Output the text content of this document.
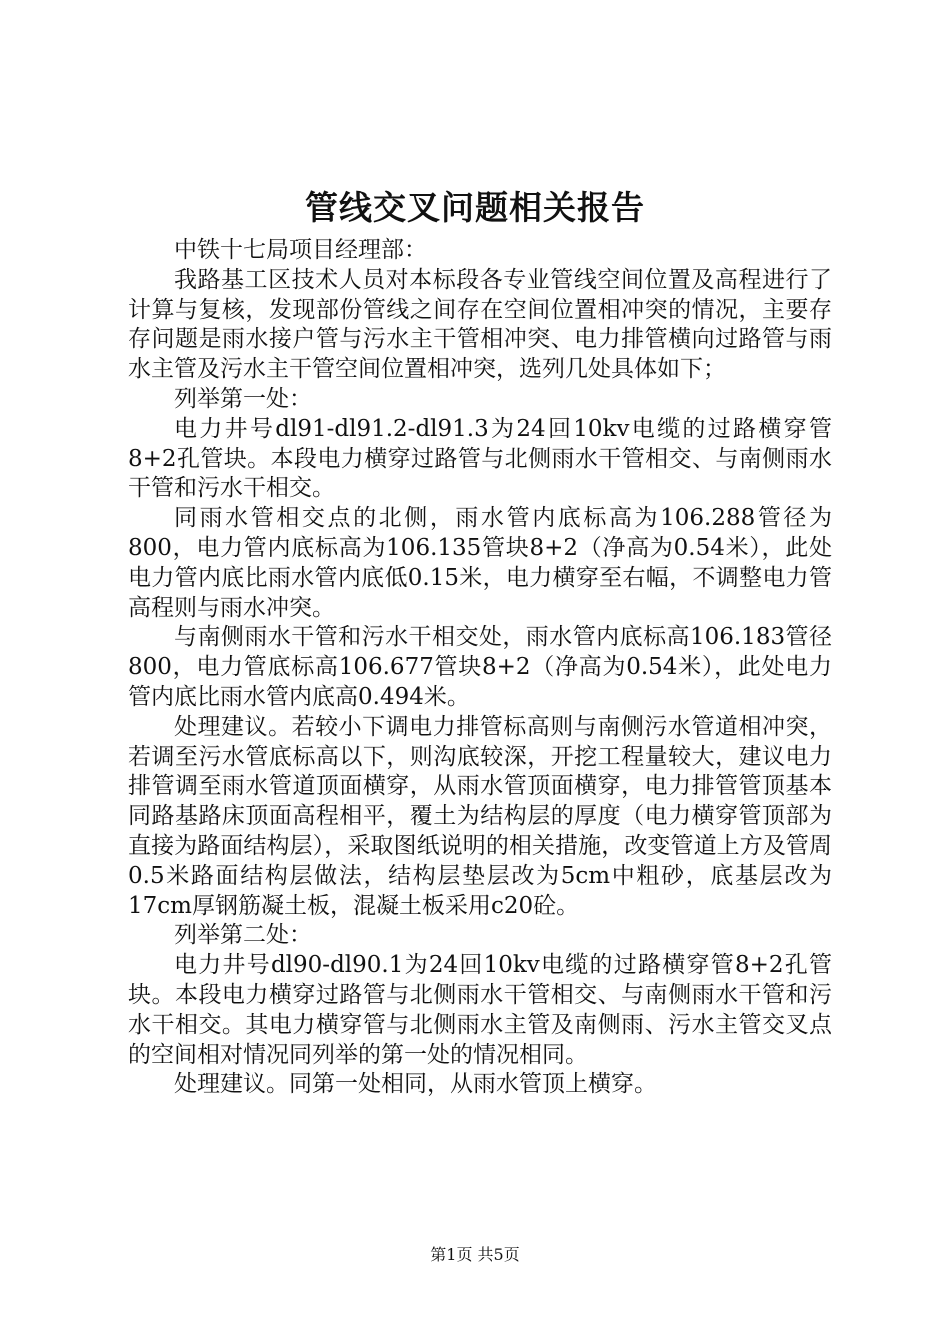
管线交叉问题相关报告

中铁十七局项目经理部：

我路基工区技术人员对本标段各专业管线空间位置及高程进行了计算与复核，发现部份管线之间存在空间位置相冲突的情况，主要存存问题是雨水接户管与污水主干管相冲突、电力排管横向过路管与雨水主管及污水主干管空间位置相冲突，选列几处具体如下；

列举第一处：

电力井号dl91-dl91.2-dl91.3为24回10kv电缆的过路横穿管8+2孔管块。本段电力横穿过路管与北侧雨水干管相交、与南侧雨水干管和污水干相交。

同雨水管相交点的北侧，雨水管内底标高为106.288管径为800，电力管内底标高为106.135管块8+2（净高为0.54米），此处电力管内底比雨水管内底低0.15米，电力横穿至右幅，不调整电力管高程则与雨水冲突。

与南侧雨水干管和污水干相交处，雨水管内底标高106.183管径800，电力管底标高106.677管块8+2（净高为0.54米），此处电力管内底比雨水管内底高0.494米。

处理建议。若较小下调电力排管标高则与南侧污水管道相冲突，若调至污水管底标高以下，则沟底较深，开挖工程量较大，建议电力排管调至雨水管道顶面横穿，从雨水管顶面横穿，电力排管管顶基本同路基路床顶面高程相平，覆土为结构层的厚度（电力横穿管顶部为直接为路面结构层），采取图纸说明的相关措施，改变管道上方及管周0.5米路面结构层做法，结构层垫层改为5cm中粗砂，底基层改为17cm厚钢筋凝土板，混凝土板采用c20砼。

列举第二处：

电力井号dl90-dl90.1为24回10kv电缆的过路横穿管8+2孔管块。本段电力横穿过路管与北侧雨水干管相交、与南侧雨水干管和污水干相交。其电力横穿管与北侧雨水主管及南侧雨、污水主管交叉点的空间相对情况同列举的第一处的情况相同。

处理建议。同第一处相同，从雨水管顶上横穿。

第1页 共5页
